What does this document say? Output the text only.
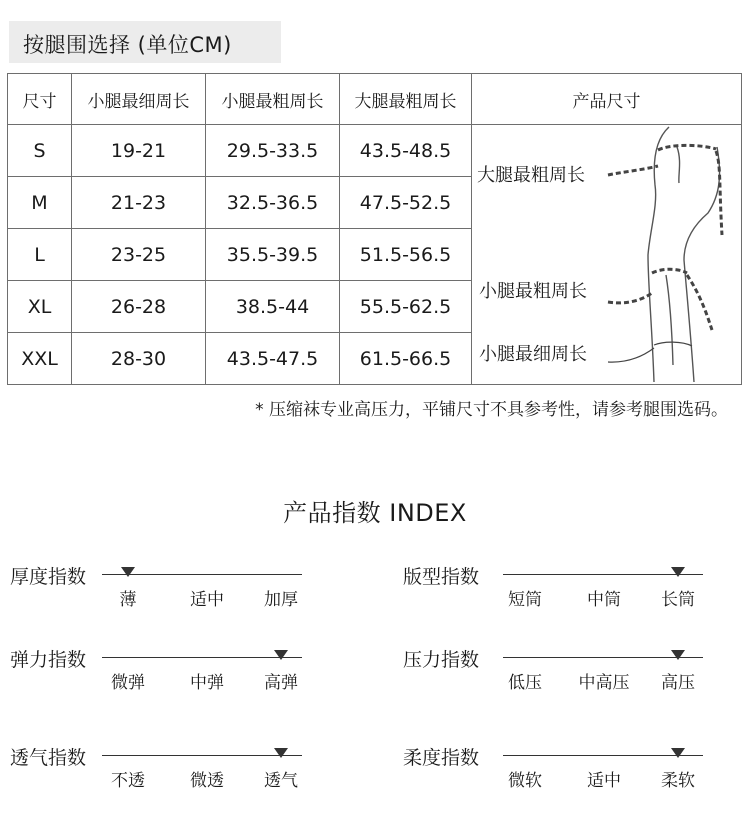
按腿围选择 (单位CM)
尺寸	小腿最细周长	小腿最粗周长	大腿最粗周长	产品尺寸
S	19-21	29.5-33.5	43.5-48.5	大腿最粗周长
小腿最粗周长
小腿最细周长

M	21-23	32.5-36.5	47.5-52.5	
L	23-25	35.5-39.5	51.5-56.5	
XL	26-28	38.5-44	55.5-62.5	
XXL	28-30	43.5-47.5	61.5-66.5	
* 压缩袜专业高压力，平铺尺寸不具参考性，请参考腿围选码。
产品指数 INDEX
厚度指数
薄	适中 加厚
版型指数
短筒	中筒 长筒
弹力指数
微弹	中弹 高弹
压力指数
低压 中高压 高压
透气指数
不透	微透 透气
柔度指数
微软	适中 柔软
